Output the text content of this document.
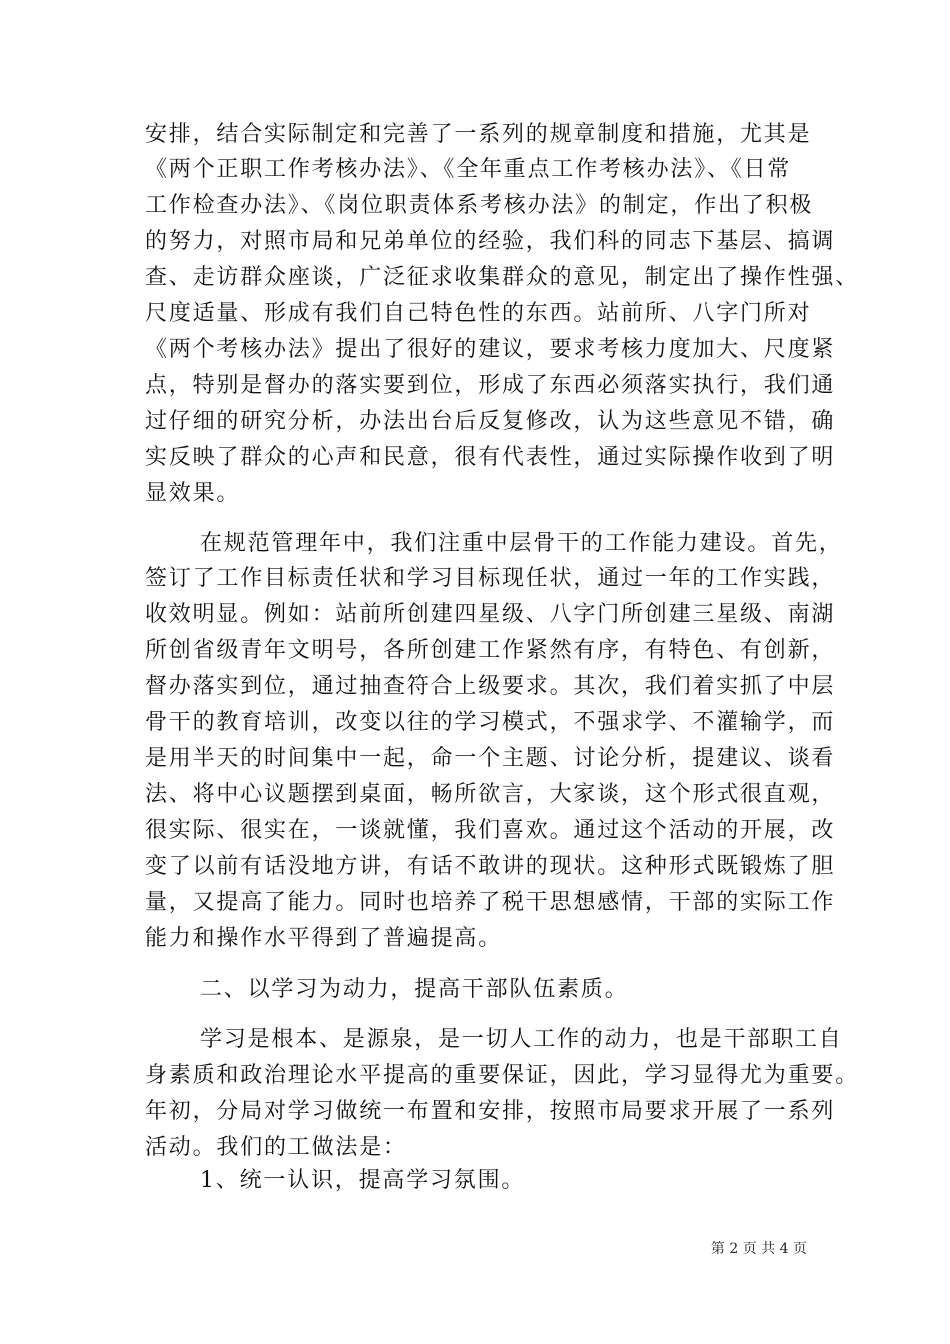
安排，结合实际制定和完善了一系列的规章制度和措施，尤其是
《两个正职工作考核办法》、《全年重点工作考核办法》、《日常
工作检查办法》、《岗位职责体系考核办法》的制定，作出了积极
的努力，对照市局和兄弟单位的经验，我们科的同志下基层、搞调
查、走访群众座谈，广泛征求收集群众的意见，制定出了操作性强、
尺度适量、形成有我们自己特色性的东西。站前所、八字门所对
《两个考核办法》提出了很好的建议，要求考核力度加大、尺度紧
点，特别是督办的落实要到位，形成了东西必须落实执行，我们通
过仔细的研究分析，办法出台后反复修改，认为这些意见不错，确
实反映了群众的心声和民意，很有代表性，通过实际操作收到了明
显效果。
在规范管理年中，我们注重中层骨干的工作能力建设。首先，
签订了工作目标责任状和学习目标现任状，通过一年的工作实践，
收效明显。例如：站前所创建四星级、八字门所创建三星级、南湖
所创省级青年文明号，各所创建工作紧然有序，有特色、有创新，
督办落实到位，通过抽查符合上级要求。其次，我们着实抓了中层
骨干的教育培训，改变以往的学习模式，不强求学、不灌输学，而
是用半天的时间集中一起，命一个主题、讨论分析，提建议、谈看
法、将中心议题摆到桌面，畅所欲言，大家谈，这个形式很直观，
很实际、很实在，一谈就懂，我们喜欢。通过这个活动的开展，改
变了以前有话没地方讲，有话不敢讲的现状。这种形式既锻炼了胆
量，又提高了能力。同时也培养了税干思想感情，干部的实际工作
能力和操作水平得到了普遍提高。
二、以学习为动力，提高干部队伍素质。
学习是根本、是源泉，是一切人工作的动力，也是干部职工自
身素质和政治理论水平提高的重要保证，因此，学习显得尤为重要。
年初，分局对学习做统一布置和安排，按照市局要求开展了一系列
活动。我们的工做法是：
1、统一认识，提高学习氛围。
第 2 页 共 4 页
